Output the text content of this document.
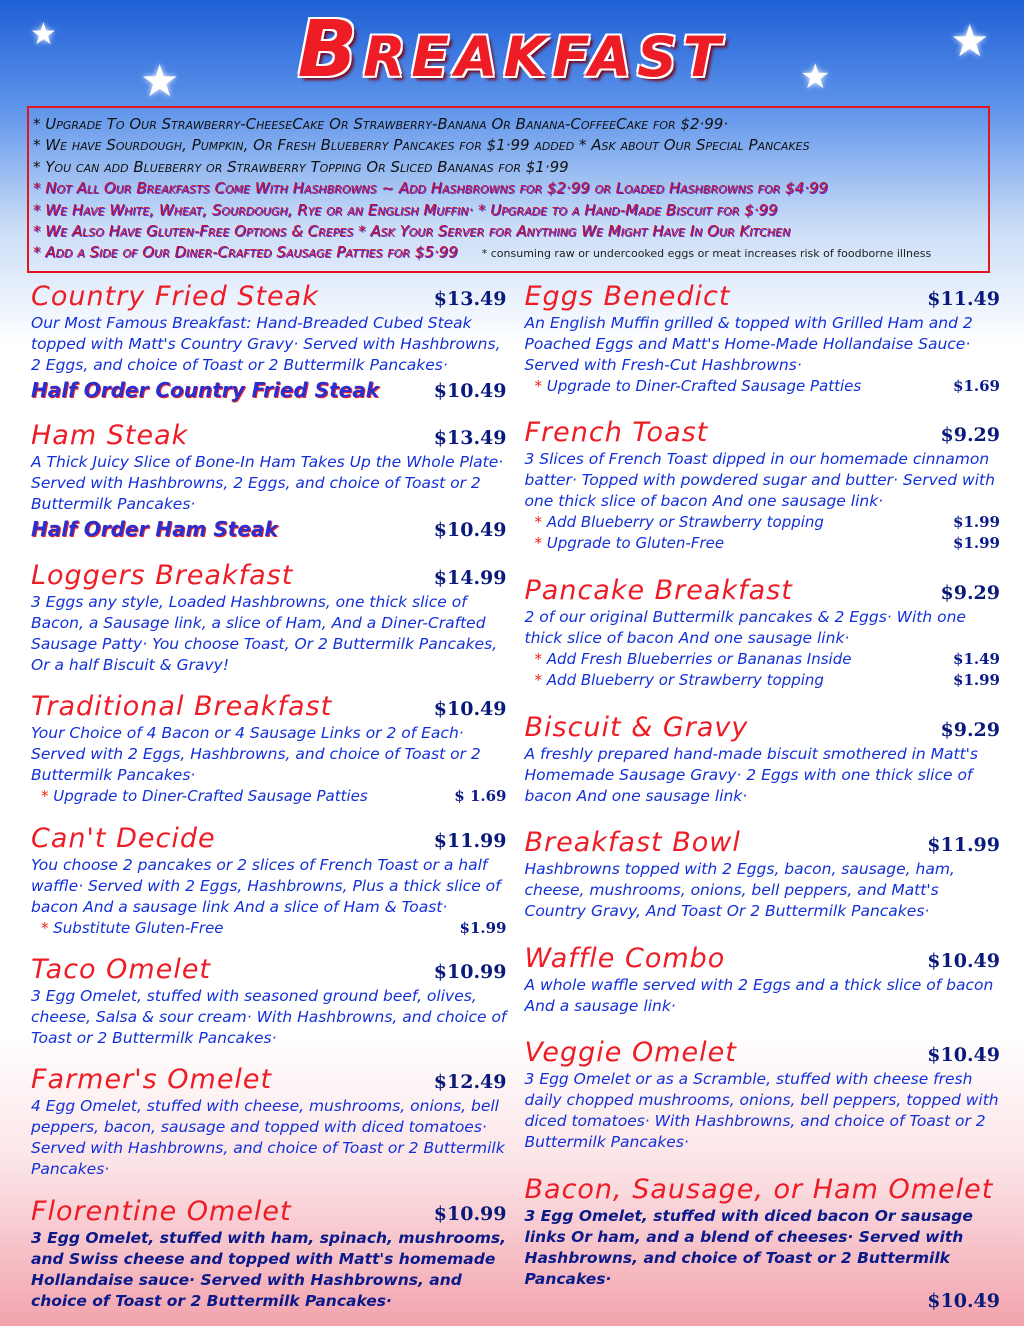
★
★	★
★
Breakfast
* Upgrade To Our Strawberry-CheeseCake Or Strawberry-Banana Or Banana-CoffeeCake for $2·99·
* We have Sourdough, Pumpkin, Or Fresh Blueberry Pancakes for $1·99 added * Ask about Our Special Pancakes
* You can add Blueberry or Strawberry Topping Or Sliced Bananas for $1·99
* Not All Our Breakfasts Come With Hashbrowns ~ Add Hashbrowns for $2·99 or Loaded Hashbrowns for $4·99
* We Have White, Wheat, Sourdough, Rye or an English Muffin· * Upgrade to a Hand-Made Biscuit for $·99
* We Also Have Gluten-Free Options & Crepes * Ask Your Server for Anything We Might Have In Our Kitchen
* Add a Side of Our Diner-Crafted Sausage Patties for $5·99 * consuming raw or undercooked eggs or meat increases risk of foodborne illness
Country Fried Steak	$13.49
Our Most Famous Breakfast: Hand-Breaded Cubed Steak topped with Matt's Country Gravy· Served with Hashbrowns, 2 Eggs, and choice of Toast or 2 Buttermilk Pancakes·
Half Order Country Fried Steak	$10.49
Ham Steak	$13.49
A Thick Juicy Slice of Bone-In Ham Takes Up the Whole Plate· Served with Hashbrowns, 2 Eggs, and choice of Toast or 2 Buttermilk Pancakes·
Half Order Ham Steak	$10.49
Loggers Breakfast	$14.99
3 Eggs any style, Loaded Hashbrowns, one thick slice of Bacon, a Sausage link, a slice of Ham, And a Diner-Crafted Sausage Patty· You choose Toast, Or 2 Buttermilk Pancakes, Or a half Biscuit & Gravy!
Traditional Breakfast	$10.49
Your Choice of 4 Bacon or 4 Sausage Links or 2 of Each· Served with 2 Eggs, Hashbrowns, and choice of Toast or 2 Buttermilk Pancakes·
* Upgrade to Diner-Crafted Sausage Patties	$ 1.69
Can't Decide	$11.99
You choose 2 pancakes or 2 slices of French Toast or a half waffle· Served with 2 Eggs, Hashbrowns, Plus a thick slice of bacon And a sausage link And a slice of Ham & Toast·
* Substitute Gluten-Free	$1.99
Taco Omelet	$10.99
3 Egg Omelet, stuffed with seasoned ground beef, olives, cheese, Salsa & sour cream· With Hashbrowns, and choice of Toast or 2 Buttermilk Pancakes·
Farmer's Omelet	$12.49
4 Egg Omelet, stuffed with cheese, mushrooms, onions, bell peppers, bacon, sausage and topped with diced tomatoes· Served with Hashbrowns, and choice of Toast or 2 Buttermilk Pancakes·
Florentine Omelet	$10.99
3 Egg Omelet, stuffed with ham, spinach, mushrooms, and Swiss cheese and topped with Matt's homemade Hollandaise sauce· Served with Hashbrowns, and choice of Toast or 2 Buttermilk Pancakes·
Eggs Benedict	$11.49
An English Muffin grilled & topped with Grilled Ham and 2 Poached Eggs and Matt's Home-Made Hollandaise Sauce· Served with Fresh-Cut Hashbrowns·
* Upgrade to Diner-Crafted Sausage Patties	$1.69
French Toast	$9.29
3 Slices of French Toast dipped in our homemade cinnamon batter· Topped with powdered sugar and butter· Served with one thick slice of bacon And one sausage link·
* Add Blueberry or Strawberry topping	$1.99
* Upgrade to Gluten-Free	$1.99
Pancake Breakfast	$9.29
2 of our original Buttermilk pancakes & 2 Eggs· With one thick slice of bacon And one sausage link·
* Add Fresh Blueberries or Bananas Inside	$1.49
* Add Blueberry or Strawberry topping	$1.99
Biscuit & Gravy	$9.29
A freshly prepared hand-made biscuit smothered in Matt's Homemade Sausage Gravy· 2 Eggs with one thick slice of bacon And one sausage link·
Breakfast Bowl	$11.99
Hashbrowns topped with 2 Eggs, bacon, sausage, ham, cheese, mushrooms, onions, bell peppers, and Matt's Country Gravy, And Toast Or 2 Buttermilk Pancakes·
Waffle Combo	$10.49
A whole waffle served with 2 Eggs and a thick slice of bacon And a sausage link·
Veggie Omelet	$10.49
3 Egg Omelet or as a Scramble, stuffed with cheese fresh daily chopped mushrooms, onions, bell peppers, topped with diced tomatoes· With Hashbrowns, and choice of Toast or 2 Buttermilk Pancakes·
Bacon, Sausage, or Ham Omelet
3 Egg Omelet, stuffed with diced bacon Or sausage links Or ham, and a blend of cheeses· Served with Hashbrowns, and choice of Toast or 2 Buttermilk Pancakes·
$10.49
